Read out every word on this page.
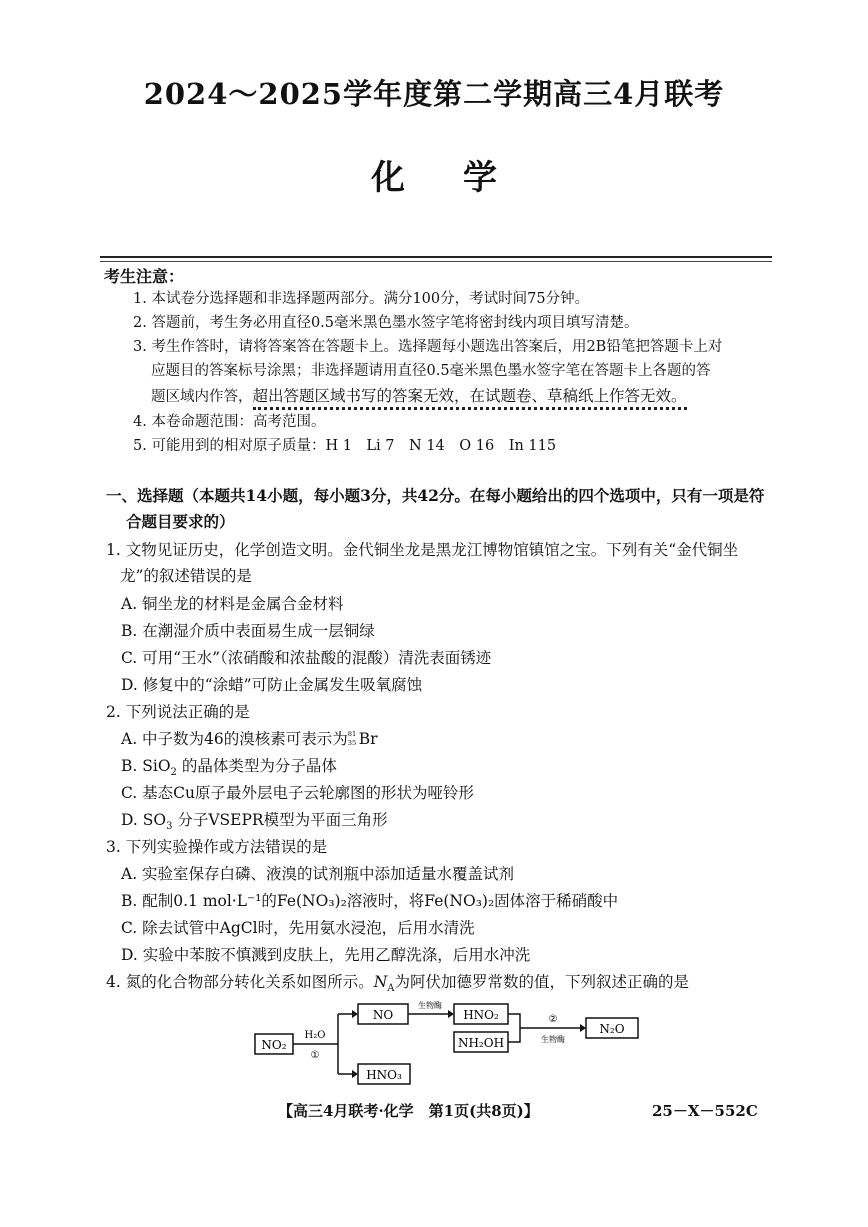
2024～2025学年度第二学期高三4月联考
化学
考生注意：
1. 本试卷分选择题和非选择题两部分。满分100分，考试时间75分钟。
2. 答题前，考生务必用直径0.5毫米黑色墨水签字笔将密封线内项目填写清楚。
3. 考生作答时，请将答案答在答题卡上。选择题每小题选出答案后，用2B铅笔把答题卡上对
应题目的答案标号涂黑；非选择题请用直径0.5毫米黑色墨水签字笔在答题卡上各题的答
题区域内作答，超出答题区域书写的答案无效，在试题卷、草稿纸上作答无效。
4. 本卷命题范围：高考范围。
5. 可能用到的相对原子质量：H 1　Li 7　N 14　O 16　In 115
一、选择题（本题共14小题，每小题3分，共42分。在每小题给出的四个选项中，只有一项是符
合题目要求的）
1. 文物见证历史，化学创造文明。金代铜坐龙是黑龙江博物馆镇馆之宝。下列有关“金代铜坐
龙”的叙述错误的是
A. 铜坐龙的材料是金属合金材料
B. 在潮湿介质中表面易生成一层铜绿
C. 可用“王水”（浓硝酸和浓盐酸的混酸）清洗表面锈迹
D. 修复中的“涂蜡”可防止金属发生吸氧腐蚀
2. 下列说法正确的是
A. 中子数为46的溴核素可表示为 81
35 Br
B. SiO$_2$ 的晶体类型为分子晶体
C. 基态Cu原子最外层电子云轮廓图的形状为哑铃形
D. $SO_3$ 分子VSEPR模型为平面三角形
3. 下列实验操作或方法错误的是
A. 实验室保存白磷、液溴的试剂瓶中添加适量水覆盖试剂
B. 配制0.1 mol·L⁻¹的Fe(NO₃)₂溶液时，将Fe(NO₃)₂固体溶于稀硝酸中
C. 除去试管中AgCl时，先用氨水浸泡，后用水清洗
D. 实验中苯胺不慎溅到皮肤上，先用乙醇洗涤，后用水冲洗
4. 氮的化合物部分转化关系如图所示。$N_A$为阿伏加德罗常数的值，下列叙述正确的是
NO₂
H₂O
①
NO
HNO₃
生物酶
HNO₂
NH₂OH
②
生物酶
N₂O
【高三4月联考·化学　第1页(共8页)】	25－X－552C
